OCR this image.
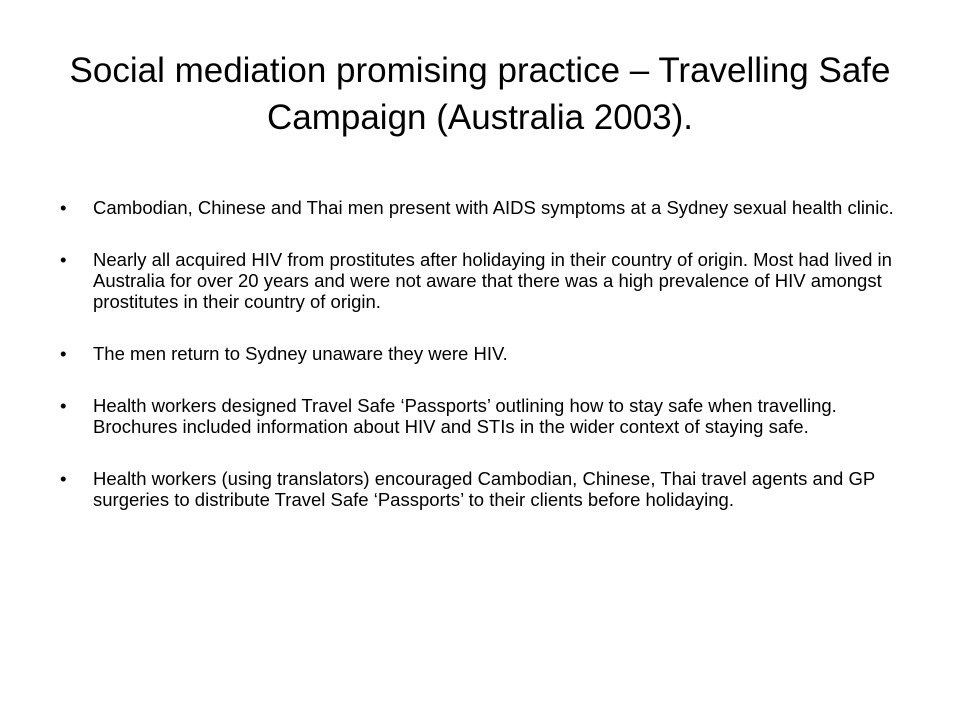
Social mediation promising practice – Travelling Safe Campaign (Australia 2003).
•	Cambodian, Chinese and Thai men present with AIDS symptoms at a Sydney sexual health clinic.
•	Nearly all acquired HIV from prostitutes after holidaying in their country of origin. Most had lived in Australia for over 20 years and were not aware that there was a high prevalence of HIV amongst prostitutes in their country of origin.
•	The men return to Sydney unaware they were HIV.
•	Health workers designed Travel Safe ‘Passports’ outlining how to stay safe when travelling. Brochures included information about HIV and STIs in the wider context of staying safe.
•	Health workers (using translators) encouraged Cambodian, Chinese, Thai travel agents and GP surgeries to distribute Travel Safe ‘Passports’ to their clients before holidaying.
